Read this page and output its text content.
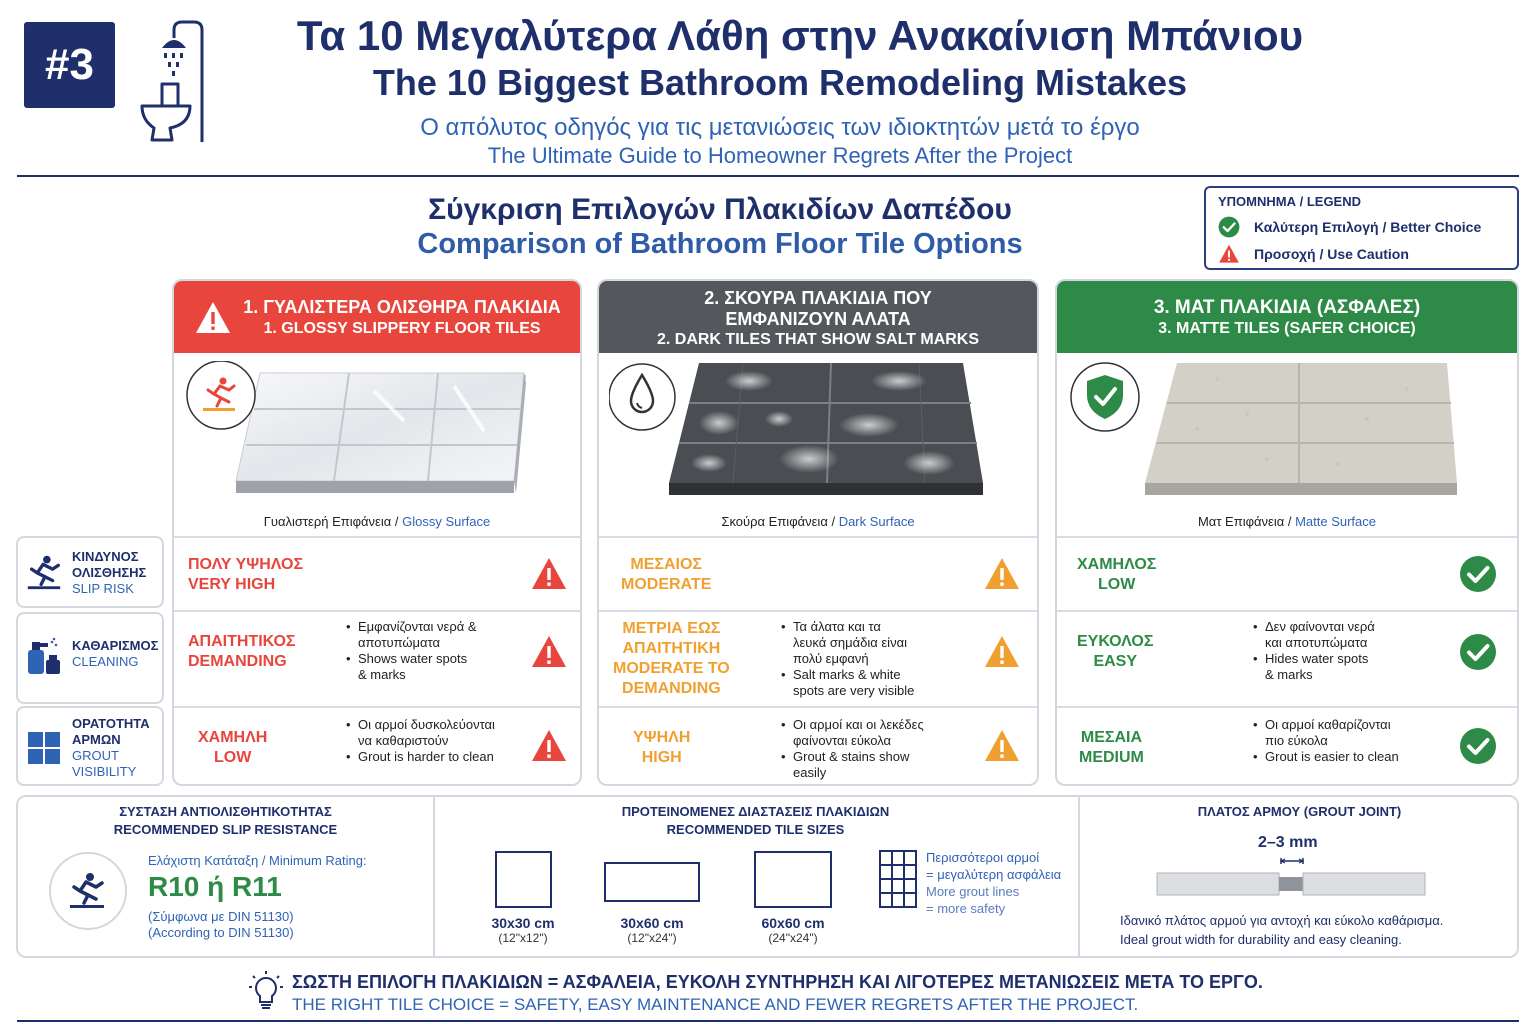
#3
Τα 10 Μεγαλύτερα Λάθη στην Ανακαίνιση Μπάνιου
The 10 Biggest Bathroom Remodeling Mistakes
Ο απόλυτος οδηγός για τις μετανιώσεις των ιδιοκτητών μετά το έργο
The Ultimate Guide to Homeowner Regrets After the Project
Σύγκριση Επιλογών Πλακιδίων Δαπέδου
Comparison of Bathroom Floor Tile Options
ΥΠΟΜΝΗΜΑ / LEGEND
Καλύτερη Επιλογή / Better Choice
Προσοχή / Use Caution
ΚΙΝΔΥΝΟΣ
ΟΛΙΣΘΗΣΗΣ
SLIP RISK
ΚΑΘΑΡΙΣΜΟΣ
CLEANING
ΟΡΑΤΟΤΗΤΑ
ΑΡΜΩΝ
GROUT
VISIBILITY
1. ΓΥΑΛΙΣΤΕΡΑ ΟΛΙΣΘΗΡΑ ΠΛΑΚΙΔΙΑ
1. GLOSSY SLIPPERY FLOOR TILES
Γυαλιστερή Επιφάνεια / Glossy Surface
ΠΟΛΥ ΥΨΗΛΟΣ
VERY HIGH
ΑΠΑΙΤΗΤΙΚΟΣ
DEMANDING
• Εμφανίζονται νερά &
αποτυπώματα
• Shows water spots
& marks
ΧΑΜΗΛΗ
LOW
• Οι αρμοί δυσκολεύονται
να καθαριστούν
• Grout is harder to clean
2. ΣΚΟΥΡΑ ΠΛΑΚΙΔΙΑ ΠΟΥ
ΕΜΦΑΝΙΖΟΥΝ ΑΛΑΤΑ
2. DARK TILES THAT SHOW SALT MARKS
Σκούρα Επιφάνεια / Dark Surface
ΜΕΣΑΙΟΣ
MODERATE
ΜΕΤΡΙΑ ΕΩΣ
ΑΠΑΙΤΗΤΙΚΗ
MODERATE TO
DEMANDING
• Τα άλατα και τα
λευκά σημάδια είναι
πολύ εμφανή
• Salt marks & white
spots are very visible
ΥΨΗΛΗ
HIGH
• Οι αρμοί και οι λεκέδες
φαίνονται εύκολα
• Grout & stains show
easily
3. ΜΑΤ ΠΛΑΚΙΔΙΑ (ΑΣΦΑΛΕΣ)
3. MATTE TILES (SAFER CHOICE)
Ματ Επιφάνεια / Matte Surface
ΧΑΜΗΛΟΣ
LOW
ΕΥΚΟΛΟΣ
EASY
• Δεν φαίνονται νερά
και αποτυπώματα
• Hides water spots
& marks
ΜΕΣΑΙΑ
MEDIUM
• Οι αρμοί καθαρίζονται
πιο εύκολα
• Grout is easier to clean
ΣΥΣΤΑΣΗ ΑΝΤΙΟΛΙΣΘΗΤΙΚΟΤΗΤΑΣ
RECOMMENDED SLIP RESISTANCE
Ελάχιστη Κατάταξη / Minimum Rating:
R10 ή R11
(Σύμφωνα με DIN 51130)
(According to DIN 51130)
ΠΡΟΤΕΙΝΟΜΕΝΕΣ ΔΙΑΣΤΑΣΕΙΣ ΠΛΑΚΙΔΙΩΝ
RECOMMENDED TILE SIZES
30x30 cm
(12"x12")
30x60 cm
(12"x24")
60x60 cm
(24"x24")
Περισσότεροι αρμοί
= μεγαλύτερη ασφάλεια
More grout lines
= more safety
ΠΛΑΤΟΣ ΑΡΜΟΥ (GROUT JOINT)
2–3 mm
Ιδανικό πλάτος αρμού για αντοχή και εύκολο καθάρισμα.
Ideal grout width for durability and easy cleaning.
ΣΩΣΤΗ ΕΠΙΛΟΓΗ ΠΛΑΚΙΔΙΩΝ = ΑΣΦΑΛΕΙΑ, ΕΥΚΟΛΗ ΣΥΝΤΗΡΗΣΗ ΚΑΙ ΛΙΓΟΤΕΡΕΣ ΜΕΤΑΝΙΩΣΕΙΣ ΜΕΤΑ ΤΟ ΕΡΓΟ.
THE RIGHT TILE CHOICE = SAFETY, EASY MAINTENANCE AND FEWER REGRETS AFTER THE PROJECT.
